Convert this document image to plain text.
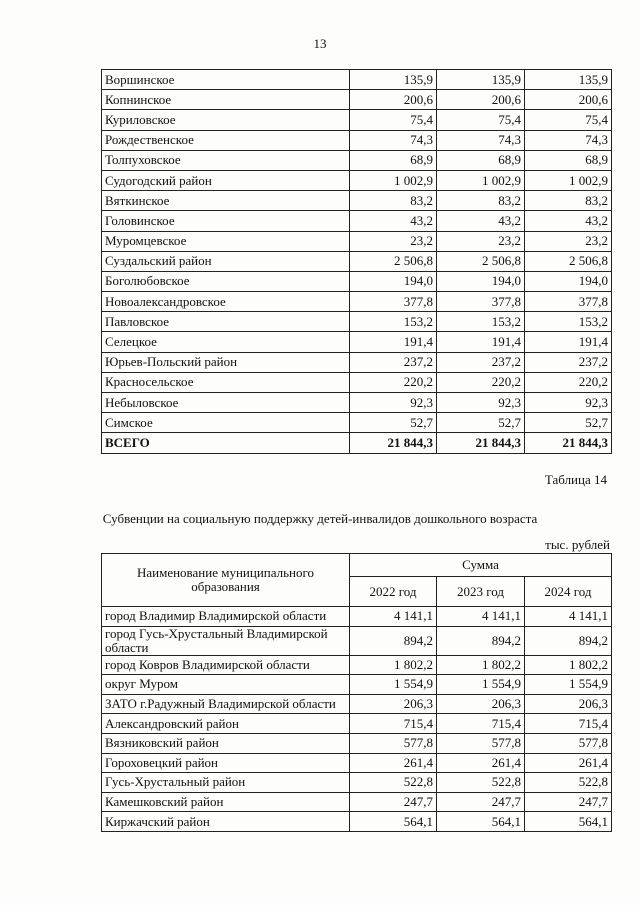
13
Воршинское	135,9	135,9	135,9
Копнинское	200,6	200,6	200,6
Куриловское	75,4	75,4	75,4
Рождественское	74,3	74,3	74,3
Толпуховское	68,9	68,9	68,9
Судогодский район	1 002,9	1 002,9	1 002,9
Вяткинское	83,2	83,2	83,2
Головинское	43,2	43,2	43,2
Муромцевское	23,2	23,2	23,2
Суздальский район	2 506,8	2 506,8	2 506,8
Боголюбовское	194,0	194,0	194,0
Новоалександровское	377,8	377,8	377,8
Павловское	153,2	153,2	153,2
Селецкое	191,4	191,4	191,4
Юрьев-Польский район	237,2	237,2	237,2
Красносельское	220,2	220,2	220,2
Небыловское	92,3	92,3	92,3
Симское	52,7	52,7	52,7
ВСЕГО	21 844,3	21 844,3	21 844,3
Таблица 14
Субвенции на социальную поддержку детей-инвалидов дошкольного возраста
тыс. рублей
Наименование муниципального образования	Сумма		
	2022 год	2023 год	2024 год
город Владимир Владимирской области	4 141,1	4 141,1	4 141,1
город Гусь-Хрустальный Владимирской области	894,2	894,2	894,2
город Ковров Владимирской области	1 802,2	1 802,2	1 802,2
округ Муром	1 554,9	1 554,9	1 554,9
ЗАТО г.Радужный Владимирской области	206,3	206,3	206,3
Александровский район	715,4	715,4	715,4
Вязниковский район	577,8	577,8	577,8
Гороховецкий район	261,4	261,4	261,4
Гусь-Хрустальный район	522,8	522,8	522,8
Камешковский район	247,7	247,7	247,7
Киржачский район	564,1	564,1	564,1
